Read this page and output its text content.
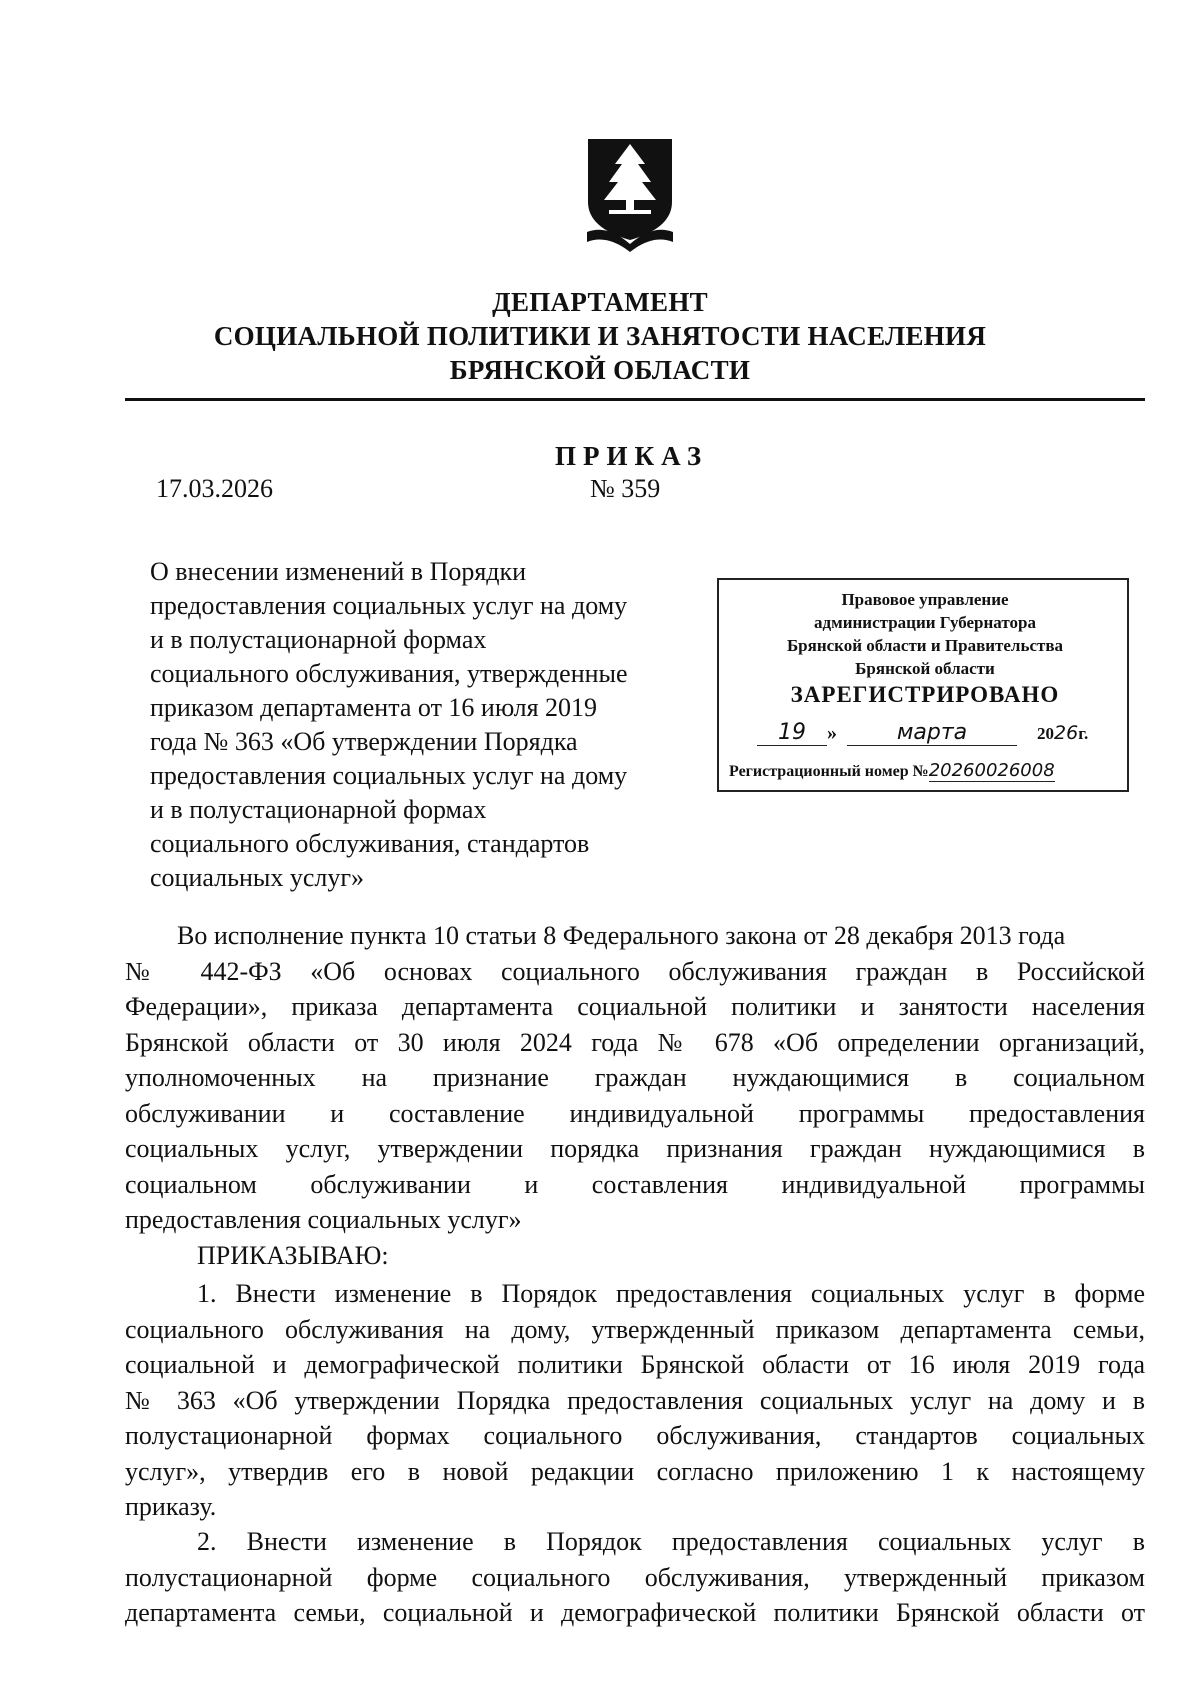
ДЕПАРТАМЕНТ
СОЦИАЛЬНОЙ ПОЛИТИКИ И ЗАНЯТОСТИ НАСЕЛЕНИЯ
БРЯНСКОЙ ОБЛАСТИ
ПРИКАЗ
17.03.2026	№ 359
О внесении изменений в Порядки
предоставления социальных услуг на дому
и в полустационарной формах
социального обслуживания, утвержденные
приказом департамента от 16 июля 2019
года № 363 «Об утверждении Порядка
предоставления социальных услуг на дому
и в полустационарной формах
социального обслуживания, стандартов
социальных услуг»
Правовое управление
администрации Губернатора
Брянской области и Правительства
Брянской области
ЗАРЕГИСТРИРОВАНО
19	»	марта	2026г.
Регистрационный номер №20260026008
Во исполнение пункта 10 статьи 8 Федерального закона от 28 декабря 2013 года
№ 442-ФЗ «Об основах социального обслуживания граждан в Российской
Федерации», приказа департамента социальной политики и занятости населения
Брянской области от 30 июля 2024 года № 678 «Об определении организаций,
уполномоченных на признание граждан нуждающимися в социальном
обслуживании и составление индивидуальной программы предоставления
социальных услуг, утверждении порядка признания граждан нуждающимися в
социальном обслуживании и составления индивидуальной программы
предоставления социальных услуг»
ПРИКАЗЫВАЮ:
1. Внести изменение в Порядок предоставления социальных услуг в форме
социального обслуживания на дому, утвержденный приказом департамента семьи,
социальной и демографической политики Брянской области от 16 июля 2019 года
№ 363 «Об утверждении Порядка предоставления социальных услуг на дому и в
полустационарной формах социального обслуживания, стандартов социальных
услуг», утвердив его в новой редакции согласно приложению 1 к настоящему
приказу.
2. Внести изменение в Порядок предоставления социальных услуг в
полустационарной форме социального обслуживания, утвержденный приказом
департамента семьи, социальной и демографической политики Брянской области от
